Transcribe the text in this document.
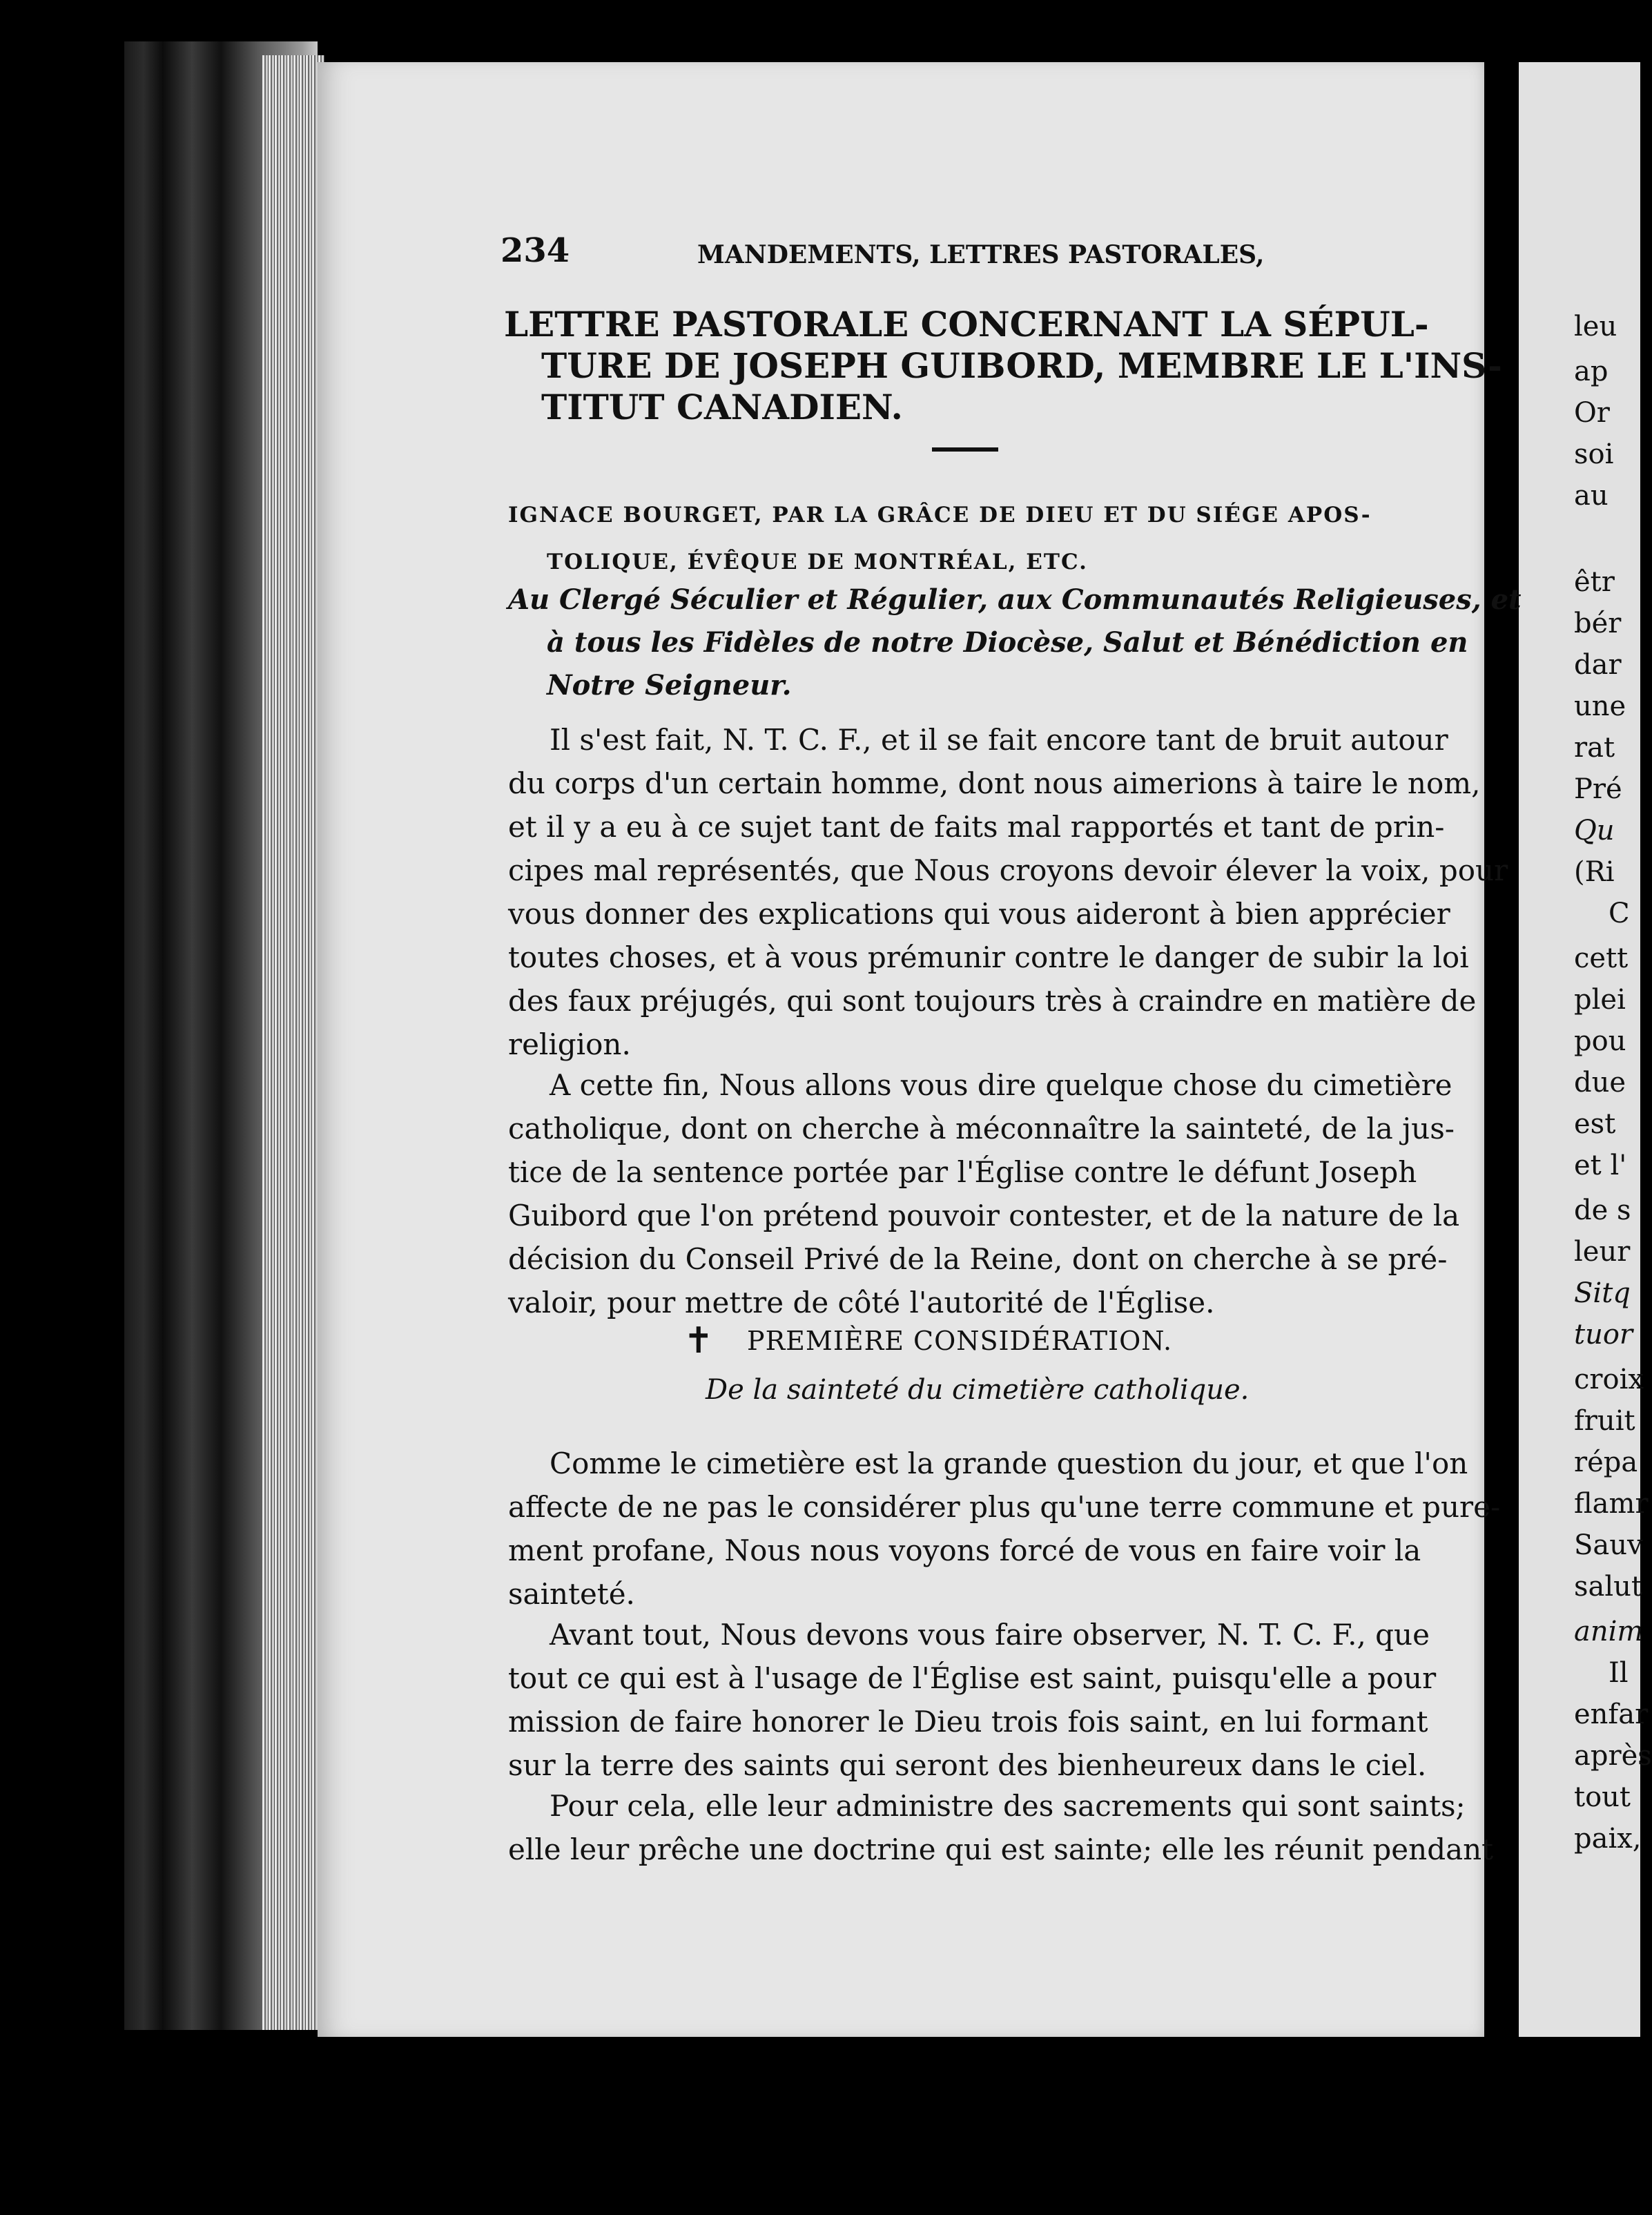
234	MANDEMENTS, LETTRES PASTORALES,
LETTRE PASTORALE CONCERNANT LA SÉPUL-
TURE DE JOSEPH GUIBORD, MEMBRE LE L'INS-
TITUT CANADIEN.
IGNACE BOURGET, PAR LA GRÂCE DE DIEU ET DU SIÉGE APOS-
TOLIQUE, ÉVÊQUE DE MONTRÉAL, ETC.
Au Clergé Séculier et Régulier, aux Communautés Religieuses, et
à tous les Fidèles de notre Diocèse, Salut et Bénédiction en
Notre Seigneur.
Il s'est fait, N. T. C. F., et il se fait encore tant de bruit autour
du corps d'un certain homme, dont nous aimerions à taire le nom,
et il y a eu à ce sujet tant de faits mal rapportés et tant de prin-
cipes mal représentés, que Nous croyons devoir élever la voix, pour
vous donner des explications qui vous aideront à bien apprécier
toutes choses, et à vous prémunir contre le danger de subir la loi
des faux préjugés, qui sont toujours très à craindre en matière de
religion.
A cette fin, Nous allons vous dire quelque chose du cimetière
catholique, dont on cherche à méconnaître la sainteté, de la jus-
tice de la sentence portée par l'Église contre le défunt Joseph
Guibord que l'on prétend pouvoir contester, et de la nature de la
décision du Conseil Privé de la Reine, dont on cherche à se pré-
valoir, pour mettre de côté l'autorité de l'Église.
✝ PREMIÈRE CONSIDÉRATION.
De la sainteté du cimetière catholique.
Comme le cimetière est la grande question du jour, et que l'on
affecte de ne pas le considérer plus qu'une terre commune et pure-
ment profane, Nous nous voyons forcé de vous en faire voir la
sainteté.
Avant tout, Nous devons vous faire observer, N. T. C. F., que
tout ce qui est à l'usage de l'Église est saint, puisqu'elle a pour
mission de faire honorer le Dieu trois fois saint, en lui formant
sur la terre des saints qui seront des bienheureux dans le ciel.
Pour cela, elle leur administre des sacrements qui sont saints;
elle leur prêche une doctrine qui est sainte; elle les réunit pendant
leu
ap
Or
soi
au
êtr
bér
dar
une
rat
Pré
Qu
(Ri
C
cett
plei
pou
due
est
et l'
de s
leur
Sitq
tuor
croix
fruit
répa
flamr
Sauv
salut
anim
Il
enfar
après
tout
paix,
